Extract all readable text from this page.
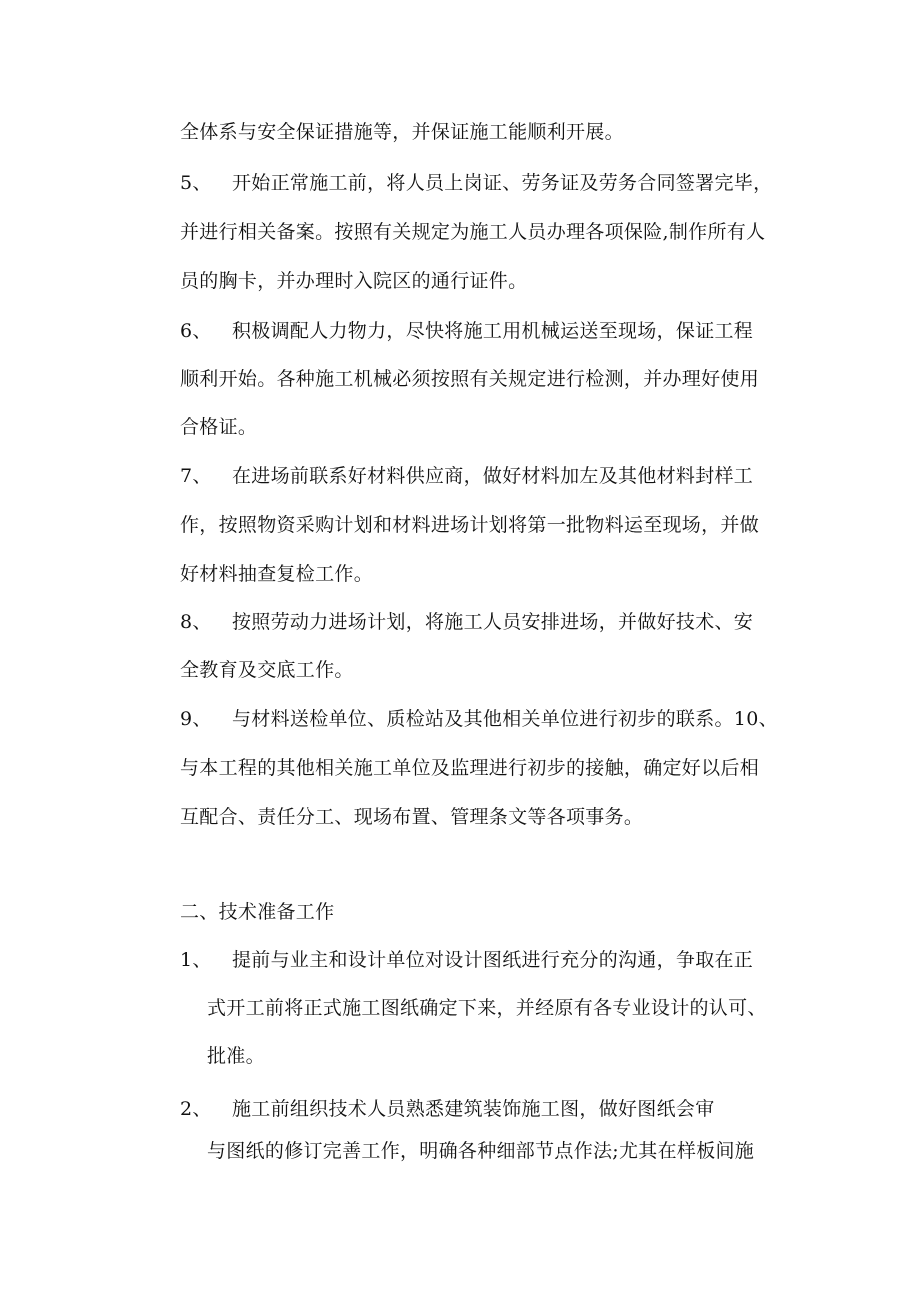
全体系与安全保证措施等，并保证施工能顺利开展。
5、 开始正常施工前，将人员上岗证、劳务证及劳务合同签署完毕，
并进行相关备案。按照有关规定为施工人员办理各项保险,制作所有人
员的胸卡，并办理时入院区的通行证件。
6、 积极调配人力物力，尽快将施工用机械运送至现场，保证工程
顺利开始。各种施工机械必须按照有关规定进行检测，并办理好使用
合格证。
7、 在进场前联系好材料供应商，做好材料加左及其他材料封样工
作，按照物资采购计划和材料进场计划将第一批物料运至现场，并做
好材料抽查复检工作。
8、 按照劳动力进场计划，将施工人员安排进场，并做好技术、安
全教育及交底工作。
9、 与材料送检单位、质检站及其他相关单位进行初步的联系。10、
与本工程的其他相关施工单位及监理进行初步的接触，确定好以后相
互配合、责任分工、现场布置、管理条文等各项事务。
二、技术准备工作
1、 提前与业主和设计单位对设计图纸进行充分的沟通，争取在正
式开工前将正式施工图纸确定下来，并经原有各专业设计的认可、
批准。
2、 施工前组织技术人员熟悉建筑装饰施工图，做好图纸会审
与图纸的修订完善工作，明确各种细部节点作法;尤其在样板间施
